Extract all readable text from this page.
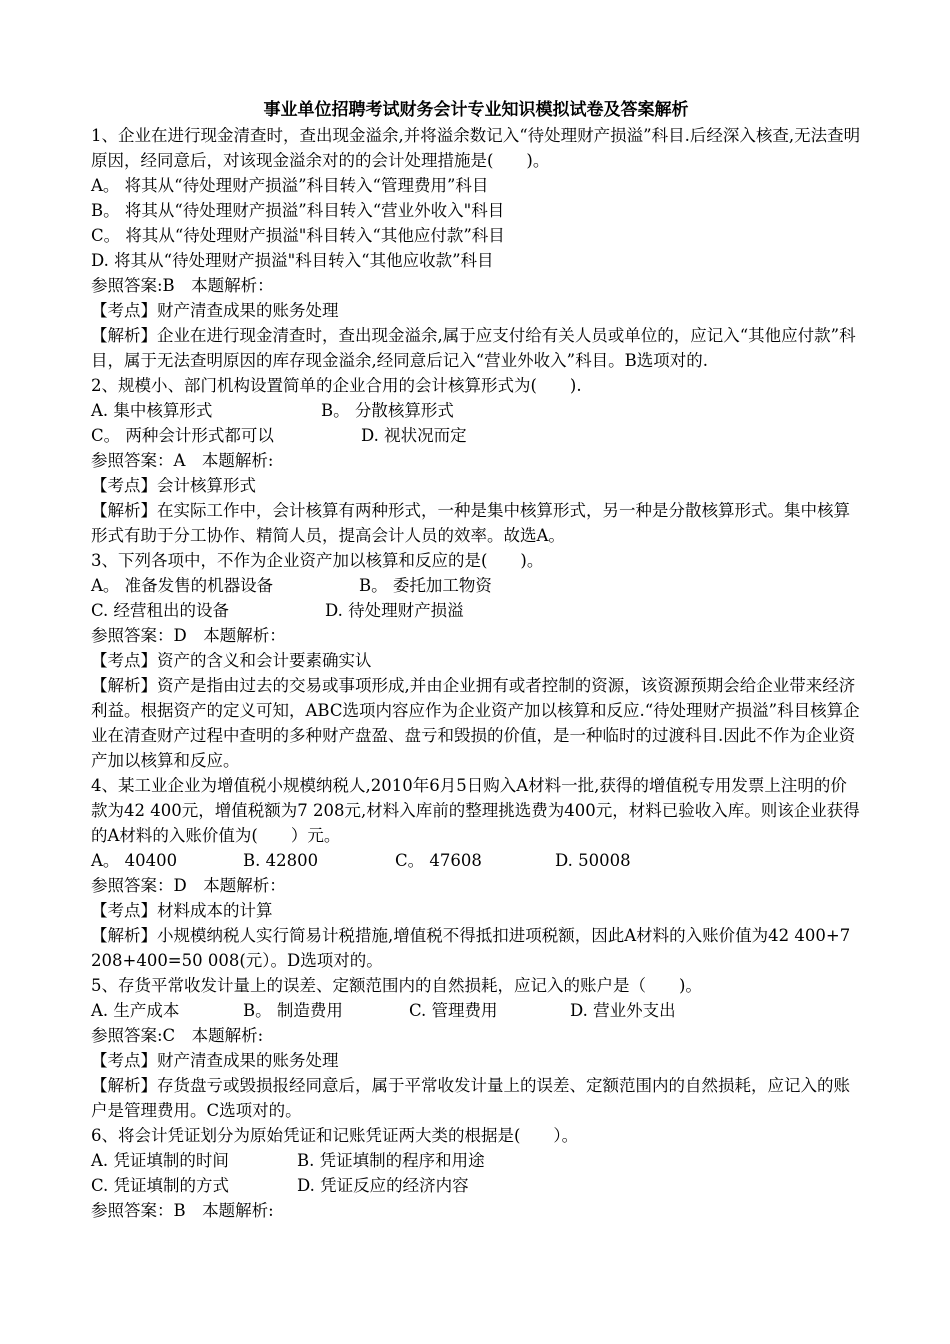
事业单位招聘考试财务会计专业知识模拟试卷及答案解析
1、企业在进行现金清查时，查出现金溢余,并将溢余数记入“待处理财产损溢”科目.后经深入核查,无法查明原因，经同意后，对该现金溢余对的的会计处理措施是(　　)。
A。 将其从“待处理财产损溢”科目转入“管理费用”科目
B。 将其从“待处理财产损溢”科目转入“营业外收入"科目
C。 将其从“待处理财产损溢"科目转入“其他应付款”科目
D. 将其从“待处理财产损溢"科目转入“其他应收款”科目
参照答案:B　本题解析：
【考点】财产清查成果的账务处理
【解析】企业在进行现金清查时，查出现金溢余,属于应支付给有关人员或单位的，应记入“其他应付款”科目，属于无法查明原因的库存现金溢余,经同意后记入“营业外收入”科目。B选项对的.
2、规模小、部门机构设置简单的企业合用的会计核算形式为(　　).
A. 集中核算形式	B。 分散核算形式
C。 两种会计形式都可以	D. 视状况而定
参照答案：A　本题解析:
【考点】会计核算形式
【解析】在实际工作中，会计核算有两种形式，一种是集中核算形式，另一种是分散核算形式。集中核算形式有助于分工协作、精简人员，提高会计人员的效率。故选A。
3、下列各项中，不作为企业资产加以核算和反应的是(　　)。
A。 准备发售的机器设备	B。 委托加工物资
C. 经营租出的设备	D. 待处理财产损溢
参照答案：D　本题解析：
【考点】资产的含义和会计要素确实认
【解析】资产是指由过去的交易或事项形成,并由企业拥有或者控制的资源，该资源预期会给企业带来经济利益。根据资产的定义可知，ABC选项内容应作为企业资产加以核算和反应.“待处理财产损溢”科目核算企业在清查财产过程中查明的多种财产盘盈、盘亏和毁损的价值，是一种临时的过渡科目.因此不作为企业资产加以核算和反应。
4、某工业企业为增值税小规模纳税人,2010年6月5日购入A材料一批,获得的增值税专用发票上注明的价款为42 400元，增值税额为7 208元,材料入库前的整理挑选费为400元，材料已验收入库。则该企业获得的A材料的入账价值为(　　）元。
A。 40400	B. 42800	C。 47608	D. 50008
参照答案：D　本题解析：
【考点】材料成本的计算
【解析】小规模纳税人实行简易计税措施,增值税不得抵扣进项税额，因此A材料的入账价值为42 400+7 208+400=50 008(元）。D选项对的。
5、存货平常收发计量上的误差、定额范围内的自然损耗，应记入的账户是（　　)。
A. 生产成本	B。 制造费用	C. 管理费用	D. 营业外支出
参照答案:C　本题解析:
【考点】财产清查成果的账务处理
【解析】存货盘亏或毁损报经同意后，属于平常收发计量上的误差、定额范围内的自然损耗，应记入的账户是管理费用。C选项对的。
6、将会计凭证划分为原始凭证和记账凭证两大类的根据是(　　）。
A. 凭证填制的时间	B. 凭证填制的程序和用途
C. 凭证填制的方式	D. 凭证反应的经济内容
参照答案：B　本题解析:
